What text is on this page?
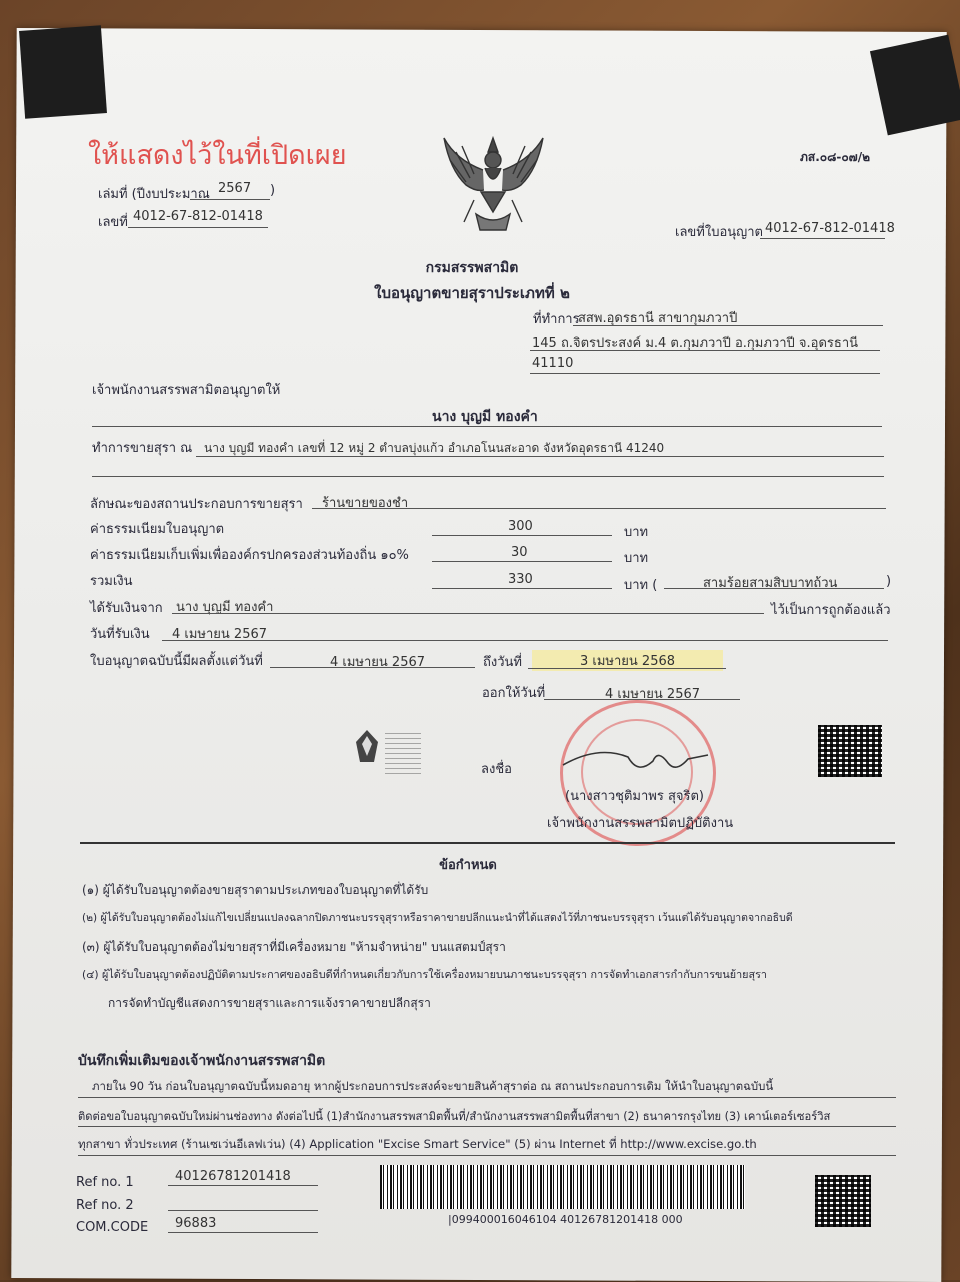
ให้แสดงไว้ในที่เปิดเผย	ภส.๐๘-๐๗/๒
เล่มที่ (ปีงบประมาณ 2567 )
เลขที่ 4012-67-812-01418
เลขที่ใบอนุญาต 4012-67-812-01418
กรมสรรพสามิต
ใบอนุญาตขายสุราประเภทที่ ๒
ที่ทำการ
สสพ.อุดรธานี สาขากุมภวาปี
145 ถ.จิตรประสงค์ ม.4 ต.กุมภวาปี อ.กุมภวาปี จ.อุดรธานี
41110
เจ้าพนักงานสรรพสามิตอนุญาตให้
นาง บุญมี ทองคำ
ทำการขายสุรา ณ นาง บุญมี ทองคำ เลขที่ 12 หมู่ 2 ตำบลบุ่งแก้ว อำเภอโนนสะอาด จังหวัดอุดรธานี 41240
ลักษณะของสถานประกอบการขายสุรา ร้านขายของชำ
ค่าธรรมเนียมใบอนุญาต	300	บาท
ค่าธรรมเนียมเก็บเพิ่มเพื่อองค์กรปกครองส่วนท้องถิ่น ๑๐%	30	บาท
รวมเงิน	330	บาท (	สามร้อยสามสิบบาทถ้วน	)
ได้รับเงินจาก นาง บุญมี ทองคำ	ไว้เป็นการถูกต้องแล้ว
วันที่รับเงิน 4 เมษายน 2567
ใบอนุญาตฉบับนี้มีผลตั้งแต่วันที่	4 เมษายน 2567	ถึงวันที่	3 เมษายน 2568
ออกให้วันที่	4 เมษายน 2567
ลงชื่อ
(นางสาวชุติมาพร สุจริต)
เจ้าพนักงานสรรพสามิตปฏิบัติงาน
ข้อกำหนด
(๑) ผู้ได้รับใบอนุญาตต้องขายสุราตามประเภทของใบอนุญาตที่ได้รับ
(๒) ผู้ได้รับใบอนุญาตต้องไม่แก้ไขเปลี่ยนแปลงฉลากปิดภาชนะบรรจุสุราหรือราคาขายปลีกแนะนำที่ได้แสดงไว้ที่ภาชนะบรรจุสุรา เว้นแต่ได้รับอนุญาตจากอธิบดี
(๓) ผู้ได้รับใบอนุญาตต้องไม่ขายสุราที่มีเครื่องหมาย "ห้ามจำหน่าย" บนแสตมป์สุรา
(๔) ผู้ได้รับใบอนุญาตต้องปฏิบัติตามประกาศของอธิบดีที่กำหนดเกี่ยวกับการใช้เครื่องหมายบนภาชนะบรรจุสุรา การจัดทำเอกสารกำกับการขนย้ายสุรา
การจัดทำบัญชีแสดงการขายสุราและการแจ้งราคาขายปลีกสุรา
บันทึกเพิ่มเติมของเจ้าพนักงานสรรพสามิต
ภายใน 90 วัน ก่อนใบอนุญาตฉบับนี้หมดอายุ หากผู้ประกอบการประสงค์จะขายสินค้าสุราต่อ ณ สถานประกอบการเดิม ให้นำใบอนุญาตฉบับนี้
ติดต่อขอใบอนุญาตฉบับใหม่ผ่านช่องทาง ดังต่อไปนี้ (1)สำนักงานสรรพสามิตพื้นที่/สำนักงานสรรพสามิตพื้นที่สาขา (2) ธนาคารกรุงไทย (3) เคาน์เตอร์เซอร์วิส
ทุกสาขา ทั่วประเทศ (ร้านเซเว่นอีเลฟเว่น) (4) Application "Excise Smart Service" (5) ผ่าน Internet ที่ http://www.excise.go.th
Ref no. 1	40126781201418
Ref no. 2
COM.CODE 96883	|099400016046104 40126781201418 000
